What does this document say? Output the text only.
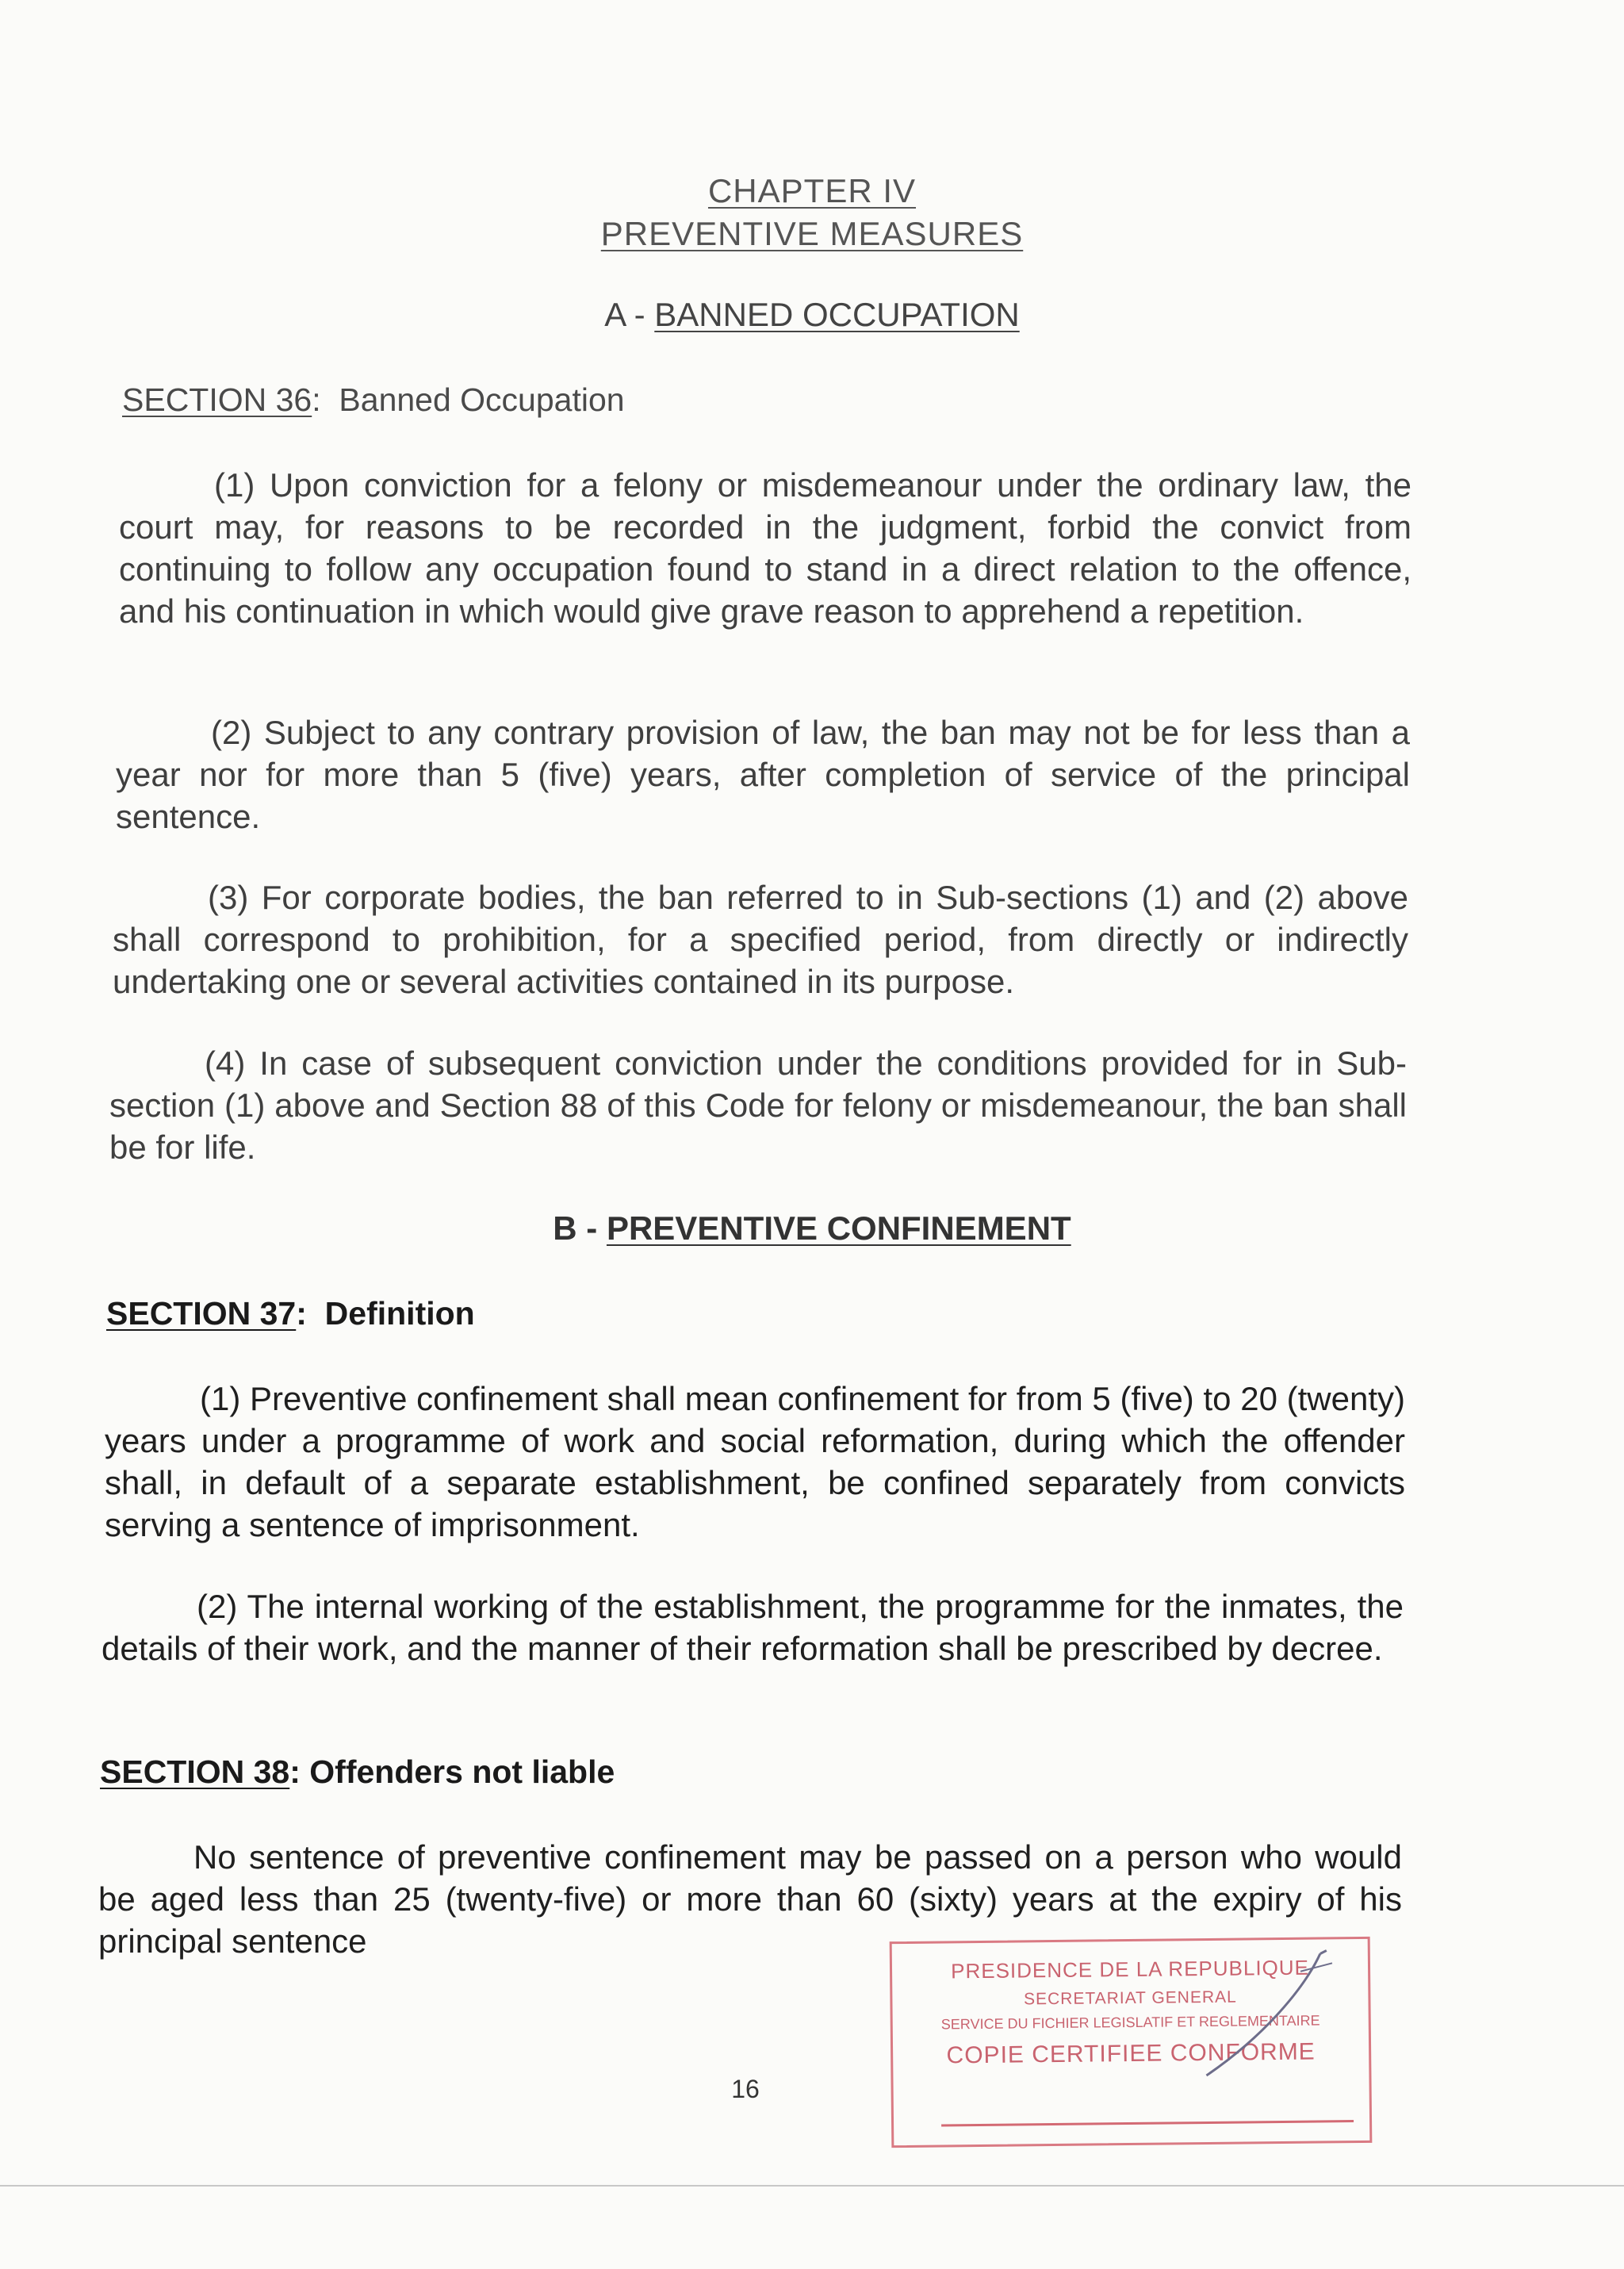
CHAPTER IV
PREVENTIVE MEASURES
A - BANNED OCCUPATION
SECTION 36:  Banned Occupation

(1) Upon conviction for a felony or misdemeanour under the ordinary law, the court may, for reasons to be recorded in the judgment, forbid the convict from continuing to follow any occupation found to stand in a direct relation to the offence, and his continuation in which would give grave reason to apprehend a repetition.

(2) Subject to any contrary provision of law, the ban may not be for less than a year nor for more than 5 (five) years, after completion of service of the principal sentence.

(3) For corporate bodies, the ban referred to in Sub-sections (1) and (2) above shall correspond to prohibition, for a specified period, from directly or indirectly undertaking one or several activities contained in its purpose.

(4) In case of subsequent conviction under the conditions provided for in Sub-section (1) above and Section 88 of this Code for felony or misdemeanour, the ban shall be for life.

B - PREVENTIVE CONFINEMENT
SECTION 37:  Definition

(1) Preventive confinement shall mean confinement for from 5 (five) to 20 (twenty) years under a programme of work and social reformation, during which the offender shall, in default of a separate establishment, be confined separately from convicts serving a sentence of imprisonment.

(2) The internal working of the establishment, the programme for the inmates, the details of their work, and the manner of their reformation shall be prescribed by decree.

SECTION 38: Offenders not liable

No sentence of preventive confinement may be passed on a person who would be aged less than 25 (twenty-five) or more than 60 (sixty) years at the expiry of his principal sentence

16
PRESIDENCE DE LA REPUBLIQUE
SECRETARIAT GENERAL
SERVICE DU FICHIER LEGISLATIF ET REGLEMENTAIRE
COPIE CERTIFIEE CONFORME
